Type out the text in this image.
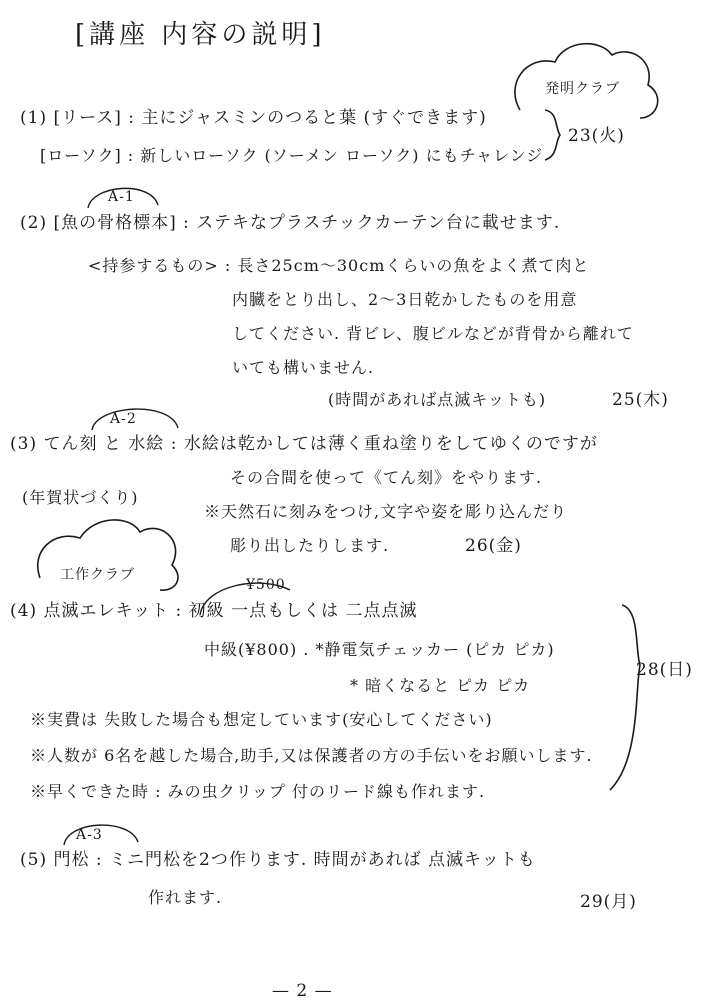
[講座 内容の説明]
発明クラブ
(1) [リース] : 主にジャスミンのつると葉 (すぐできます)
[ローソク] : 新しいローソク (ソーメン ローソク) にもチャレンジ
23(火)
A-1
(2) [魚の骨格標本] : ステキなプラスチックカーテン台に載せます.
<持参するもの> : 長さ25cm〜30cmくらいの魚をよく煮て肉と
内臓をとり出し、2〜3日乾かしたものを用意
してください. 背ビレ、腹ビルなどが背骨から離れて
いても構いません.
(時間があれば点滅キットも)	25(木)
A-2
(3) てん刻 と 水絵 : 水絵は乾かしては薄く重ね塗りをしてゆくのですが
その合間を使って《てん刻》をやります.
(年賀状づくり)
※天然石に刻みをつけ,文字や姿を彫り込んだり
彫り出したりします.	26(金)
工作クラブ
¥500
(4) 点滅エレキット : 初級 一点もしくは 二点点滅
中級(¥800) . *静電気チェッカー (ピカ ピカ)
* 暗くなると ピカ ピカ
28(日)
※実費は 失敗した場合も想定しています(安心してください)
※人数が 6名を越した場合,助手,又は保護者の方の手伝いをお願いします.
※早くできた時 : みの虫クリップ 付のリード線も作れます.
A-3
(5) 門松 : ミニ門松を2つ作ります. 時間があれば 点滅キットも
作れます.	29(月)
— 2 —
